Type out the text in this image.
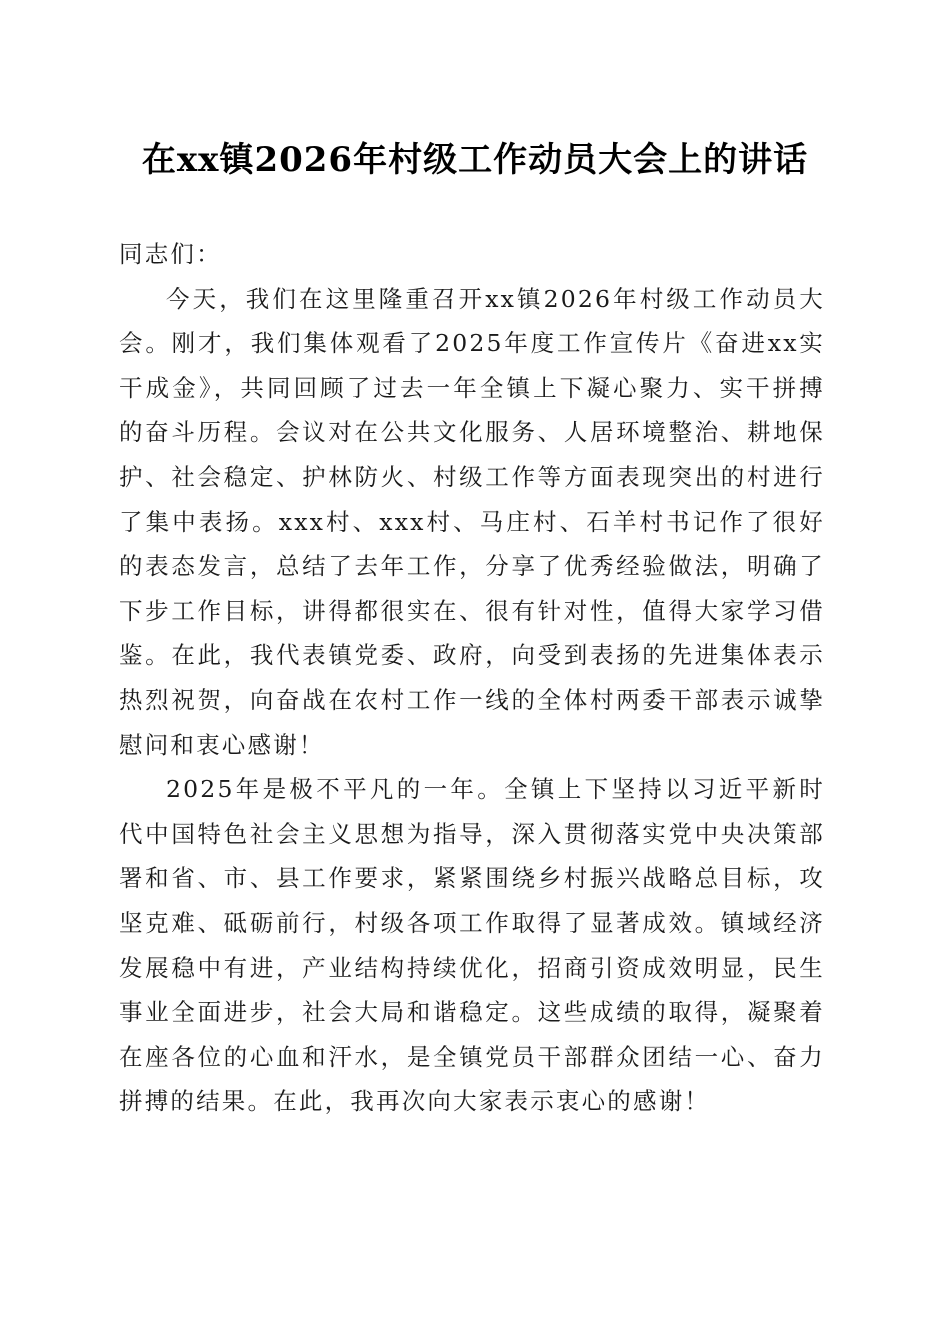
在xx镇2026年村级工作动员大会上的讲话

同志们：

今天，我们在这里隆重召开xx镇2026年村级工作动员大会。刚才，我们集体观看了2025年度工作宣传片《奋进xx实干成金》，共同回顾了过去一年全镇上下凝心聚力、实干拼搏的奋斗历程。会议对在公共文化服务、人居环境整治、耕地保护、社会稳定、护林防火、村级工作等方面表现突出的村进行了集中表扬。xxx村、xxx村、马庄村、石羊村书记作了很好的表态发言，总结了去年工作，分享了优秀经验做法，明确了下步工作目标，讲得都很实在、很有针对性，值得大家学习借鉴。在此，我代表镇党委、政府，向受到表扬的先进集体表示热烈祝贺，向奋战在农村工作一线的全体村两委干部表示诚挚慰问和衷心感谢！

2025年是极不平凡的一年。全镇上下坚持以习近平新时代中国特色社会主义思想为指导，深入贯彻落实党中央决策部署和省、市、县工作要求，紧紧围绕乡村振兴战略总目标，攻坚克难、砥砺前行，村级各项工作取得了显著成效。镇域经济发展稳中有进，产业结构持续优化，招商引资成效明显，民生事业全面进步，社会大局和谐稳定。这些成绩的取得，凝聚着在座各位的心血和汗水，是全镇党员干部群众团结一心、奋力拼搏的结果。在此，我再次向大家表示衷心的感谢！
